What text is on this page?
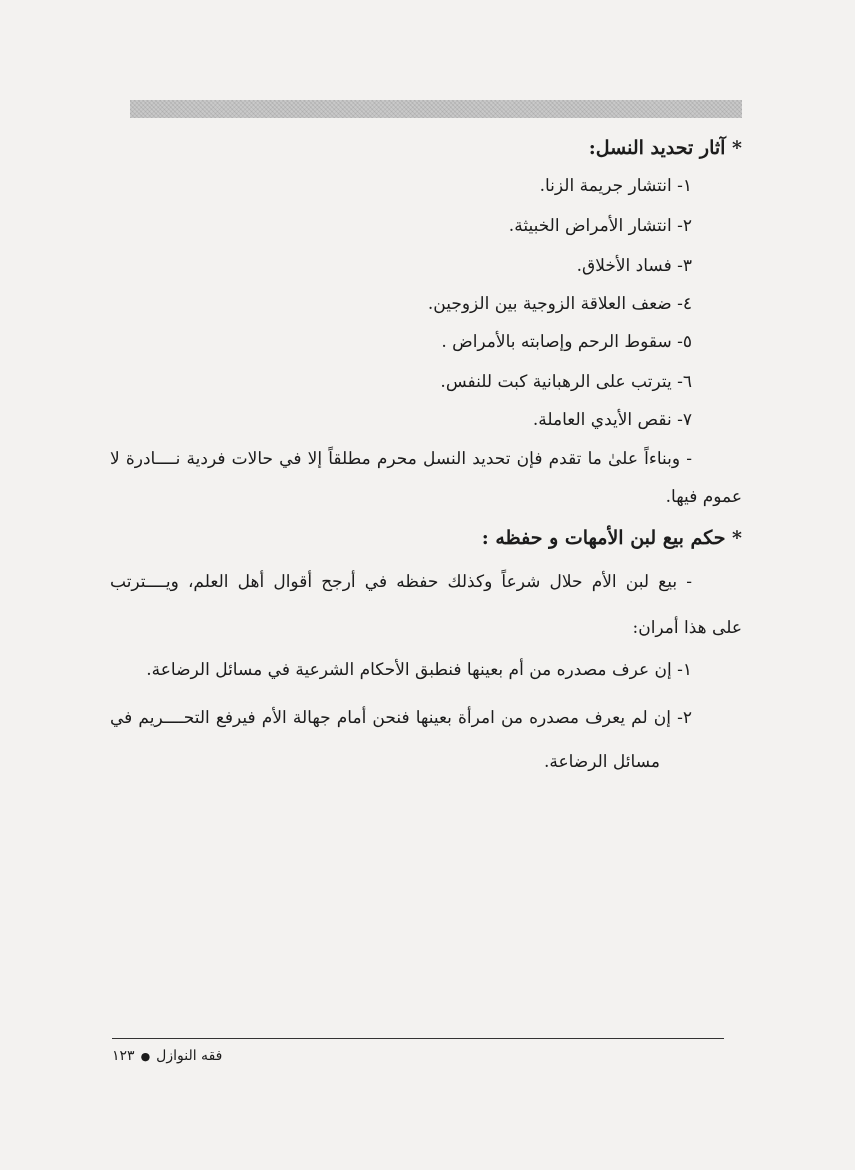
* آثار تحديد النسل:
١- انتشار جريمة الزنا.
٢- انتشار الأمراض الخبيثة.
٣- فساد الأخلاق.
٤- ضعف العلاقة الزوجية بين الزوجين.
٥- سقوط الرحم وإصابته بالأمراض .
٦- يترتب على الرهبانية كبت للنفس.
٧- نقص الأيدي العاملة.
- وبناءاً علىٰ ما تقدم فإن تحديد النسل محرم مطلقاً إلا في حالات فردية نــــادرة لا
عموم فيها.
* حكم بيع لبن الأمهات و حفظه :
- بيع لبن الأم حلال شرعاً وكذلك حفظه في أرجح أقوال أهل العلم، ويــــترتب
على هذا أمران:
١- إن عرف مصدره من أم بعينها فنطبق الأحكام الشرعية في مسائل الرضاعة.
٢- إن لم يعرف مصدره من امرأة بعينها فنحن أمام جهالة الأم فيرفع التحــــريم في
مسائل الرضاعة.
فقه النوازل
●
١٢٣
